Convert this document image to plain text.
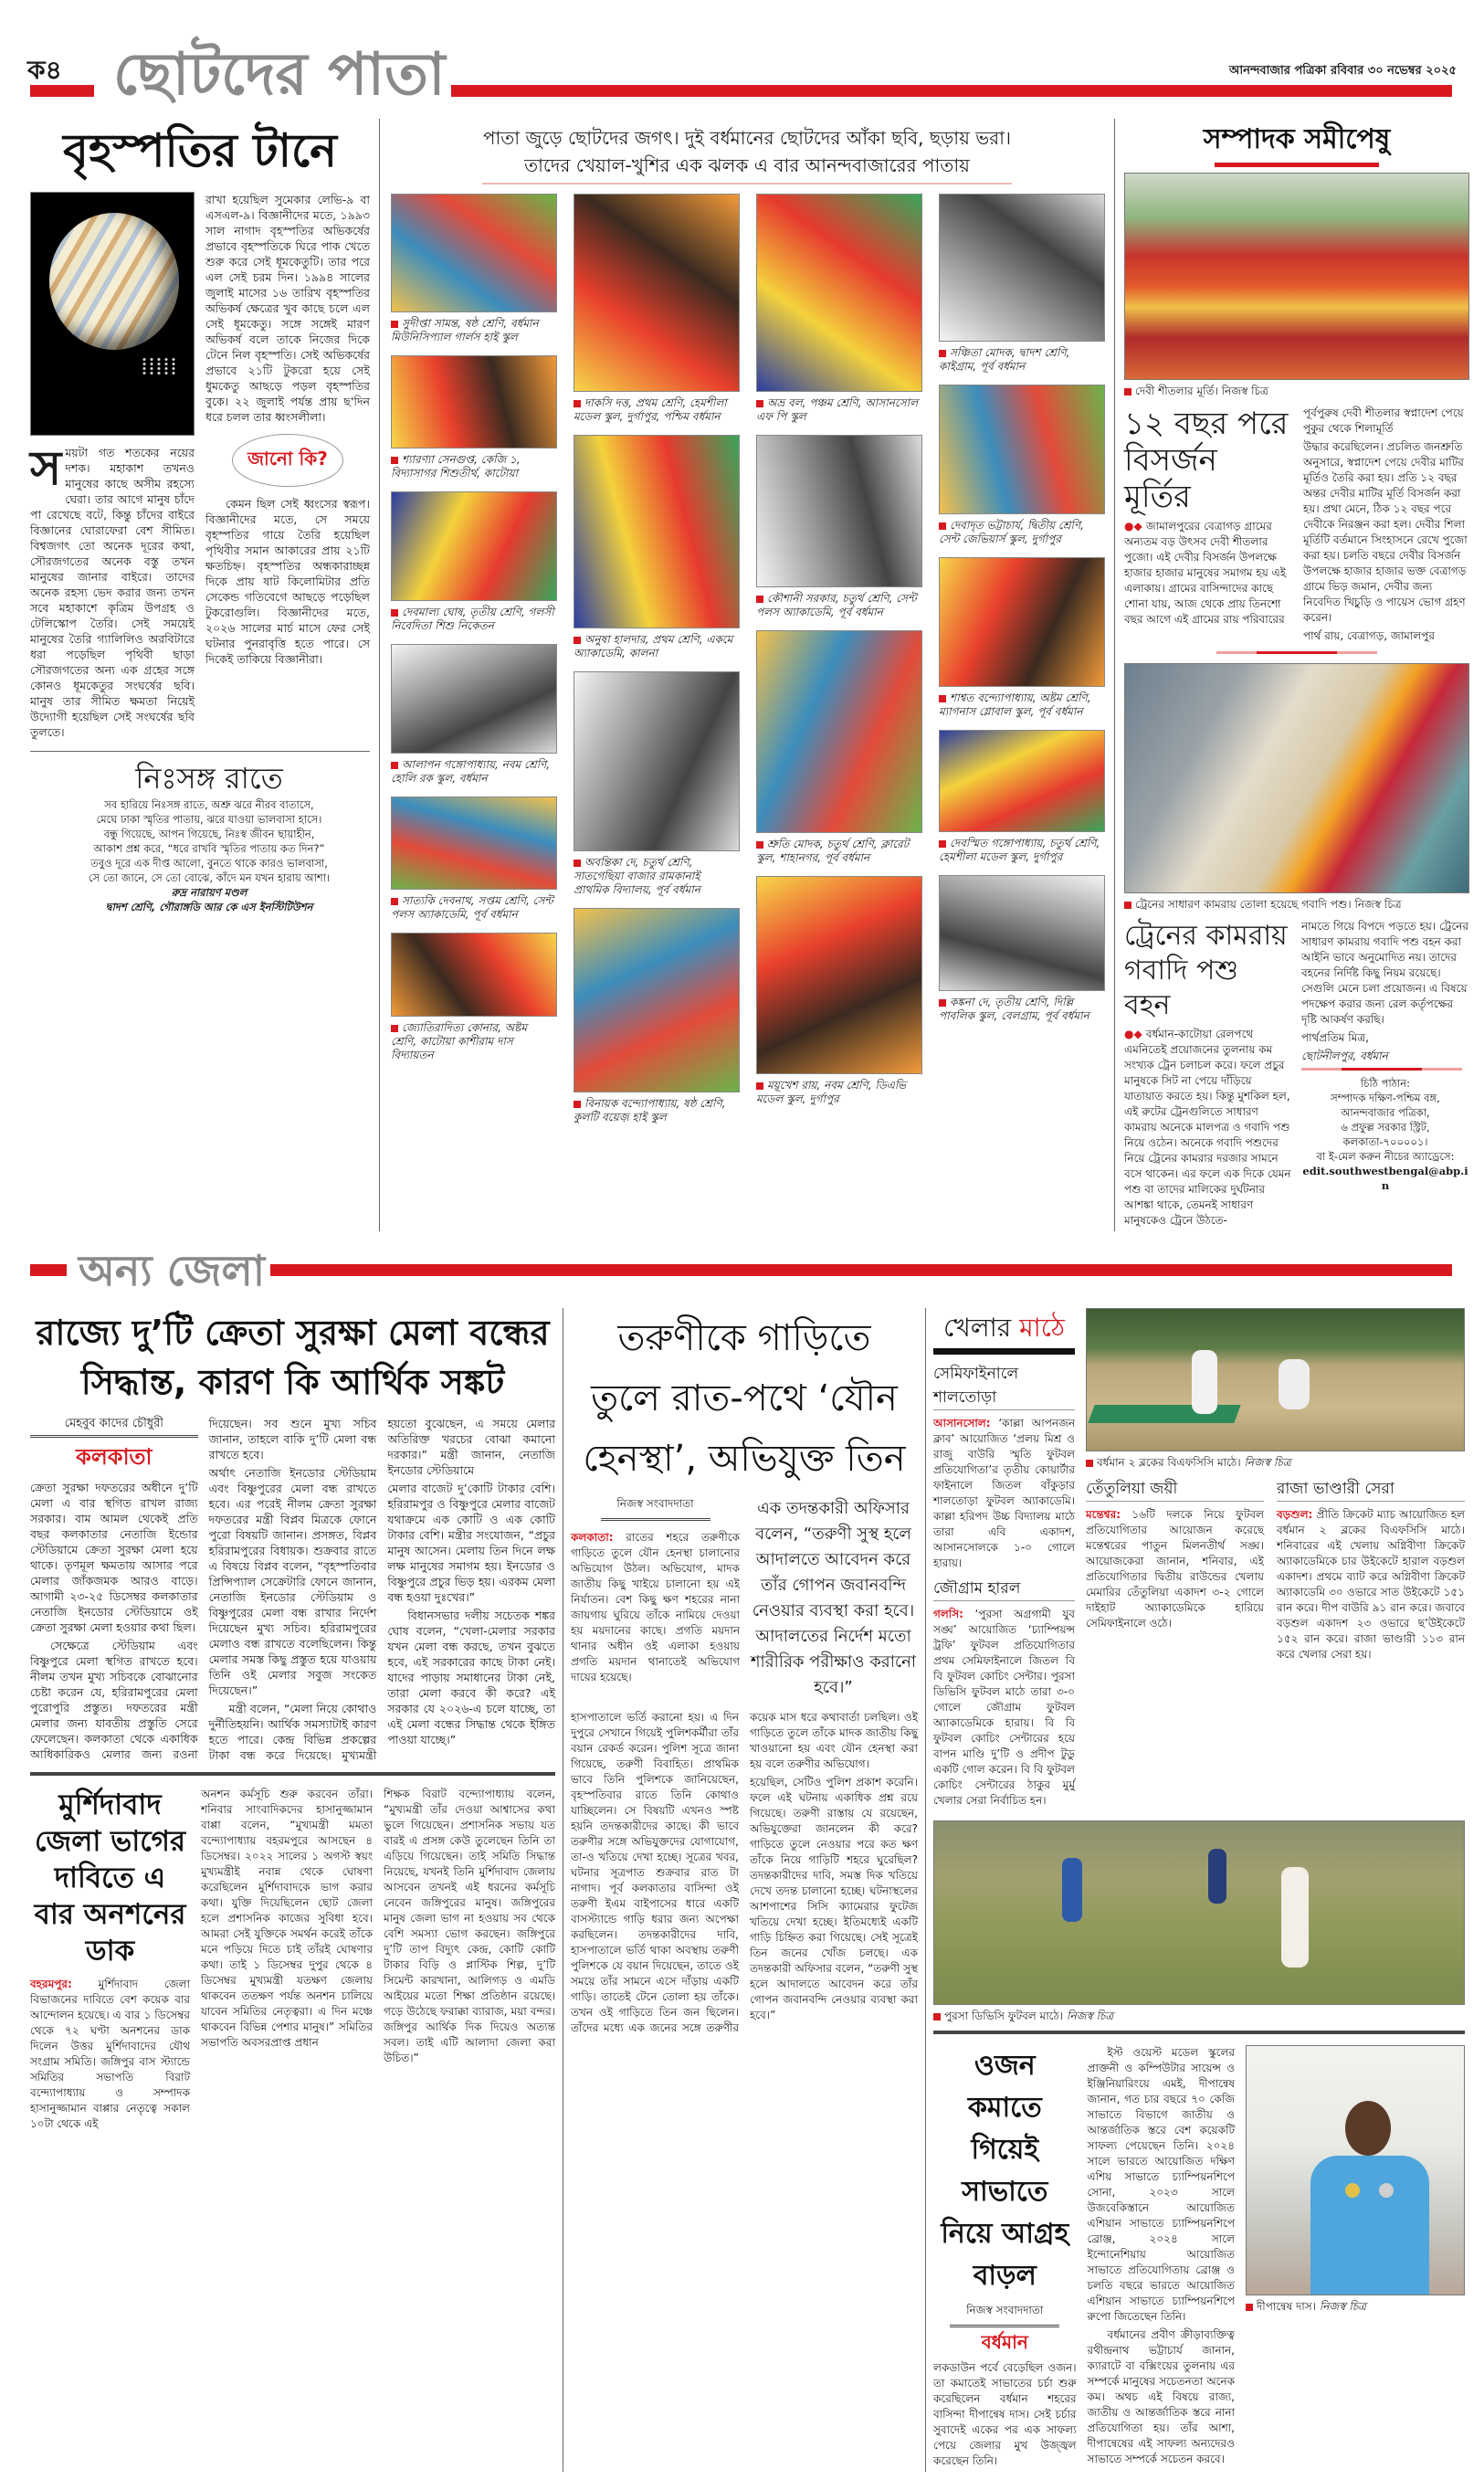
ক৪ ছোটদের পাতা	আনন্দবাজার পত্রিকা রবিবার ৩০ নভেম্বর ২০২৫
বৃহস্পতির টানে
স ময়টা গত শতকের নয়ের দশক। মহাকাশ তখনও মানুষের কাছে অসীম রহস্যে ঘেরা। তার আগে মানুষ চাঁদে পা রেখেছে বটে, কিন্তু চাঁদের বাইরে বিজ্ঞানের ঘোরাফেরা বেশ সীমিত। বিশ্বজগৎ তো অনেক দূরের কথা, সৌরজগতের অনেক বস্তু তখন মানুষের জানার বাইরে। তাদের অনেক রহস্য ভেদ করার জন্য তখন সবে মহাকাশে কৃত্রিম উপগ্রহ ও টেলিস্কোপ তৈরি। সেই সময়েই মানুষের তৈরি গ্যালিলিও অরবিটারে ধরা পড়েছিল পৃথিবী ছাড়া সৌরজগতের অন্য এক গ্রহের সঙ্গে কোনও ধূমকেতুর সংঘর্ষের ছবি। মানুষ তার সীমিত ক্ষমতা নিয়েই উদ্যোগী হয়েছিল সেই সংঘর্ষের ছবি তুলতে।
রাখা হয়েছিল সুমেকার লেভি-৯ বা এসএল-৯। বিজ্ঞানীদের মতে, ১৯৯৩ সাল নাগাদ বৃহস্পতির অভিকর্ষের প্রভাবে বৃহস্পতিকে ঘিরে পাক খেতে শুরু করে সেই ধূমকেতুটি। তার পরে এল সেই চরম দিন। ১৯৯৪ সালের জুলাই মাসের ১৬ তারিখ বৃহস্পতির অভিকর্ষ ক্ষেত্রের খুব কাছে চলে এল সেই ধূমকেতু। সঙ্গে সঙ্গেই মারণ অভিকর্ষ বলে তাকে নিজের দিকে টেনে নিল বৃহস্পতি। সেই অভিকর্ষের প্রভাবে ২১টি টুকরো হয়ে সেই ধুমকেতু আছড়ে পড়ল বৃহস্পতির বুকে। ২২ জুলাই পর্যন্ত প্রায় ছ'দিন ধরে চলল তার ধ্বংসলীলা।
জানো কি?

কেমন ছিল সেই ধ্বংসের স্বরূপ। বিজ্ঞানীদের মতে, সে সময়ে বৃহস্পতির গায়ে তৈরি হয়েছিল পৃথিবীর সমান আকারের প্রায় ২১টি ক্ষতচিহ্ন। বৃহস্পতির অন্ধকারাচ্ছন্ন দিকে প্রায় ষাট কিলোমিটার প্রতি সেকেন্ড গতিবেগে আছড়ে পড়েছিল টুকরোগুলি। বিজ্ঞানীদের মতে, ২০২৬ সালের মার্চ মাসে ফের সেই ঘটনার পুনরাবৃত্তি হতে পারে। সে দিকেই তাকিয়ে বিজ্ঞানীরা।

নিঃসঙ্গ রাতে
সব হারিয়ে নিঃসঙ্গ রাতে, অশ্রু ঝরে নীরব বাতাসে,
মেঘে ঢাকা স্মৃতির পাতায়, ঝরে যাওয়া ভালবাসা হাসে।
বন্ধু গিয়েছে, আপন গিয়েছে, নিঃস্ব জীবন ছায়াহীন,
আকাশ প্রশ্ন করে, “ধরে রাখবি স্মৃতির পাতায় কত দিন?”
তবুও দূরে এক দীপ্ত আলো, বুনতে থাকে কারও ভালবাসা,
সে তো জানে, সে তো বোঝে, কাঁদে মন যখন হারায় আশা।
রুদ্র নারায়ণ মণ্ডল
দ্বাদশ শ্রেণি, গৌরাঙ্গডি আর কে এস ইনস্টিটিউশন
পাতা জুড়ে ছোটদের জগৎ। দুই বর্ধমানের ছোটদের আঁকা ছবি, ছড়ায় ভরা।
তাদের খেয়াল-খুশির এক ঝলক এ বার আনন্দবাজারের পাতায়
সুদীপ্তা সামন্ত, ষষ্ঠ শ্রেণি, বর্ধমান মিউনিসিপ্যাল গার্লস হাই স্কুল
শ্যারণ্যা সেনগুপ্ত, কেজি ১, বিদ্যাসাগর শিশুতীর্থ, কাটোয়া
দেবমাল্য ঘোষ, তৃতীয় শ্রেণি, গলসী নিবেদিতা শিশু নিকেতন
আলাপন গঙ্গোপাধ্যায়, নবম শ্রেণি, হোলি রক স্কুল, বর্ধমান
সাত্যকি দেবনাথ, সপ্তম শ্রেণি, সেন্ট পলস অ্যাকাডেমি, পূর্ব বর্ধমান
জ্যোতিরাদিত্য কোনার, অষ্টম শ্রেণি, কাটোয়া কাশীরাম দাস বিদ্যায়তন
দাকসি দত্ত, প্রথম শ্রেণি, হেমশীলা মডেল স্কুল, দুর্গাপুর, পশ্চিম বর্ধমান
অনুষা হালদার, প্রথম শ্রেণি, একমে অ্যাকাডেমি, কালনা
অবন্তিকা দে, চতুর্থ শ্রেণি, সাতগেছিয়া বাজার রামকানাই প্রাথমিক বিদ্যালয়, পূর্ব বর্ধমান
বিনায়ক বন্দ্যোপাধ্যায়, ষষ্ঠ শ্রেণি, কুলটি বয়েজ় হাই স্কুল
অভ্র বল, পঞ্চম শ্রেণি, আসানসোল এফ পি স্কুল
কৌশানী সরকার, চতুর্থ শ্রেণি, সেন্ট পলস অ্যাকাডেমি, পূর্ব বর্ধমান
শ্রুতি মোদক, চতুর্থ শ্রেণি, ক্লারেট স্কুল, শাহানগর, পূর্ব বর্ধমান
ময়ূখেশ রায়, নবম শ্রেণি, ডিএভি মডেল স্কুল, দুর্গাপুর
সঞ্চিতা মোদক, দ্বাদশ শ্রেণি, কাইগ্রাম, পূর্ব বর্ধমান
দেবাদৃত ভট্টাচার্য, দ্বিতীয় শ্রেণি, সেন্ট জেভিয়ার্স স্কুল, দুর্গাপুর
শাশ্বত বন্দ্যোপাধ্যায়, অষ্টম শ্রেণি, ম্যাগনাস গ্লোবাল স্কুল, পূর্ব বর্ধমান
দেবস্মিত গঙ্গোপাধ্যায়, চতুর্থ শ্রেণি, হেমশীলা মডেল স্কুল, দুর্গাপুর
কঙ্কনা দে, তৃতীয় শ্রেণি, দিল্লি পাবলিক স্কুল, বেলগ্রাম, পূর্ব বর্ধমান
সম্পাদক সমীপেষু
দেবী শীতলার মূর্তি। নিজস্ব চিত্র
১২ বছর পরে বিসর্জন মূর্তির

●◆ জামালপুরের বেত্রাগড় গ্রামের অন্যতম বড় উৎসব দেবী শীতলার পুজো। এই দেবীর বিসর্জন উপলক্ষে হাজার হাজার মানুষের সমাগম হয় এই এলাকায়। গ্রামের বাসিন্দাদের কাছে শোনা যায়, আজ থেকে প্রায় তিনশো বছর আগে এই গ্রামের রায় পরিবারের পূর্বপুরুষ দেবী শীতলার স্বপ্নাদেশ পেয়ে পুকুর থেকে শিলামূর্তি

উদ্ধার করেছিলেন। প্রচলিত জনশ্রুতি অনুসারে, স্বপ্নাদেশ পেয়ে দেবীর মাটির মূর্তিও তৈরি করা হয়। প্রতি ১২ বছর অন্তর দেবীর মাটির মূর্তি বিসর্জন করা হয়। প্রথা মেনে, ঠিক ১২ বছর পরে দেবীকে নিরঞ্জন করা হল। দেবীর শিলা মূর্তিটি বর্তমানে সিংহাসনে রেখে পুজো করা হয়। চলতি বছরে দেবীর বিসর্জন উপলক্ষে হাজার হাজার ভক্ত বেত্রাগড় গ্রামে ভিড় জমান, দেবীর জন্য নিবেদিত খিচুড়ি ও পায়েস ভোগ গ্রহণ করেন।

পার্থ রায়, বেত্রাগড়, জামালপুর

ট্রেনের সাধারণ কামরায় তোলা হয়েছে গবাদি পশু। নিজস্ব চিত্র
ট্রেনের কামরায় গবাদি পশু বহন

●◆ বর্ধমান-কাটোয়া রেলপথে এমনিতেই প্রয়োজনের তুলনায় কম সংখ্যক ট্রেন চলাচল করে। ফলে প্রচুর মানুষকে সিট না পেয়ে দাঁড়িয়ে যাতায়াত করতে হয়। কিন্তু মুশকিল হল, এই রুটের ট্রেনগুলিতে সাধারণ কামরায় অনেকে মালপত্র ও গবাদি পশু নিয়ে ওঠেন। অনেকে গবাদি পশুদের নিয়ে ট্রেনের কামরার দরজার সামনে বসে থাকেন। এর ফলে এক দিকে যেমন পশু বা তাদের মালিকের দুর্ঘটনার আশঙ্কা থাকে, তেমনই সাধারণ মানুষকেও ট্রেনে উঠতে-

নামতে গিয়ে বিপদে পড়তে হয়। ট্রেনের সাধারণ কামরায় গবাদি পশু বহন করা আইনি ভাবে অনুমোদিত নয়। তাদের বহনের নির্দিষ্ট কিছু নিয়ম রয়েছে। সেগুলি মেনে চলা প্রয়োজন। এ বিষয়ে পদক্ষেপ করার জন্য রেল কর্তৃপক্ষের দৃষ্টি আকর্ষণ করছি।

পার্থপ্রতিম মিত্র,

ছোটনীলপুর, বর্ধমান

চিঠি পাঠান:
সম্পাদক দক্ষিণ-পশ্চিম বঙ্গ,
আনন্দবাজার পত্রিকা,
৬ প্রফুল্ল সরকার স্ট্রিট,
কলকাতা-৭০০০০১।
বা ই-মেল করুন নীচের অ্যাড্রেসে:
edit.southwestbengal@abp.in
অন্য জেলা
রাজ্যে দু’টি ক্রেতা সুরক্ষা মেলা বন্ধের
সিদ্ধান্ত, কারণ কি আর্থিক সঙ্কট
মেহবুব কাদের চৌধুরী
কলকাতা

ক্রেতা সুরক্ষা দফতরের অধীনে দু’টি মেলা এ বার স্থগিত রাখল রাজ্য সরকার। বাম আমল থেকেই প্রতি বছর কলকাতার নেতাজি ইন্ডোর স্টেডিয়ামে ক্রেতা সুরক্ষা মেলা হয়ে থাকে। তৃণমূল ক্ষমতায় আসার পরে মেলার জাঁকজমক আরও বাড়ে। আগামী ২৩-২৫ ডিসেম্বর কলকাতার নেতাজি ইনডোর স্টেডিয়ামে ওই ক্রেতা সুরক্ষা মেলা হওয়ার কথা ছিল।

সেক্ষেত্রে স্টেডিয়াম এবং বিষ্ণুপুরে মেলা স্থগিত রাখতে হবে। নীলম তখন মুখ্য সচিবকে বোঝানোর চেষ্টা করেন যে, হরিরামপুরের মেলা পুরোপুরি প্রস্তুত। দফতরের মন্ত্রী মেলার জন্য যাবতীয় প্রস্তুতি সেরে ফেলেছেন। কলকাতা থেকে একাধিক আধিকারিকও মেলার জন্য রওনা দিয়েছেন। সব শুনে মুখ্য সচিব জানান, তাহলে বাকি দু’টি মেলা বন্ধ রাখতে হবে।

অর্থাৎ নেতাজি ইনডোর স্টেডিয়াম এবং বিষ্ণুপুরের মেলা বন্ধ রাখতে হবে। এর পরেই নীলম ক্রেতা সুরক্ষা দফতরের মন্ত্রী বিপ্লব মিত্রকে ফোনে পুরো বিষয়টি জানান। প্রসঙ্গত, বিপ্লব হরিরামপুরের বিধায়ক। শুক্রবার রাতে এ বিষয়ে বিপ্লব বলেন, “বৃহস্পতিবার প্রিন্সিপ্যাল সেক্রেটারি ফোনে জানান, নেতাজি ইনডোর স্টেডিয়াম ও বিষ্ণুপুরের মেলা বন্ধ রাখার নির্দেশ দিয়েছেন মুখ্য সচিব। হরিরামপুরের মেলাও বন্ধ রাখতে বলেছিলেন। কিন্তু মেলার সমস্ত কিছু প্রস্তুত হয়ে যাওয়ায় তিনি ওই মেলার সবুজ সংকেত দিয়েছেন।”

মন্ত্রী বলেন, “মেলা নিয়ে কোথাও দুর্নীতিহয়নি। আর্থিক সমস্যাটাই কারণ হতে পারে। কেন্দ্র বিভিন্ন প্রকল্পের টাকা বন্ধ করে দিয়েছে। মুখ্যমন্ত্রী হয়তো বুঝেছেন, এ সময়ে মেলার অতিরিক্ত খরচের বোঝা কমানো দরকার।” মন্ত্রী জানান, নেতাজি ইনডোর স্টেডিয়ামে

মেলার বাজেট দু’কোটি টাকার বেশি। হরিরামপুর ও বিষ্ণুপুরে মেলার বাজেট যথাক্রমে এক কোটি ও এক কোটি টাকার বেশি। মন্ত্রীর সংযোজন, “প্রচুর মানুষ আসেন। মেলায় তিন দিনে লক্ষ লক্ষ মানুষের সমাগম হয়। ইনডোর ও বিষ্ণুপুরে প্রচুর ভিড় হয়। এরকম মেলা বন্ধ হওয়া দুঃখের।”

বিধানসভার দলীয় সচেতক শঙ্কর ঘোষ বলেন, “খেলা-মেলার সরকার যখন মেলা বন্ধ করছে, তখন বুঝতে হবে, এই সরকারের কাছে টাকা নেই। যাদের পাড়ায় সমাধানের টাকা নেই, তারা মেলা করবে কী করে? এই সরকার যে ২০২৬-এ চলে যাচ্ছে, তা এই মেলা বন্ধের সিদ্ধান্ত থেকে ইঙ্গিত পাওয়া যাচ্ছে।”

মুর্শিদাবাদ জেলা ভাগের দাবিতে এ বার অনশনের ডাক
বহরমপুর: মুর্শিদাবাদ জেলা বিভাজনের দাবিতে বেশ কয়েক বার আন্দোলন হয়েছে। এ বার ১ ডিসেম্বর থেকে ৭২ ঘণ্টা অনশনের ডাক দিলেন উত্তর মুর্শিদাবাদের যৌথ সংগ্রাম সমিতি। জঙ্গিপুর বাস স্ট্যান্ডে সমিতির সভাপতি বিরাট বন্দ্যোপাধ্যায় ও সম্পাদক হাসানুজ্জামান বাপ্পার নেতৃত্বে সকাল ১০টা থেকে এই

অনশন কর্মসূচি শুরু করবেন তাঁরা। শনিবার সাংবাদিকদের হাসানুজ্জামান বাপ্পা বলেন, “মুখ্যমন্ত্রী মমতা বন্দ্যোপাধ্যায় বহরমপুরে আসছেন ৪ ডিসেম্বর। ২০২২ সালের ১ অগস্ট স্বয়ং মুখ্যমন্ত্রীই নবান্ন থেকে ঘোষণা করেছিলেন মুর্শিদাবাদকে ভাগ করার কথা। যুক্তি দিয়েছিলেন ছোট জেলা হলে প্রশাসনিক কাজের সুবিধা হবে। আমরা সেই যুক্তিকে সমর্থন করেই তাঁকে মনে পড়িয়ে দিতে চাই তাঁরই ঘোষণার কথা। তাই ১ ডিসেম্বর দুপুর থেকে ৪ ডিসেম্বর মুখ্যমন্ত্রী যতক্ষণ জেলায় থাকবেন ততক্ষণ পর্যন্ত অনশন চালিয়ে যাবেন সমিতির নেতৃত্বরা। এ দিন মঞ্চে থাকবেন বিভিন্ন পেশার মানুষ।” সমিতির সভাপতি অবসরপ্রাপ্ত প্রধান

শিক্ষক বিরাট বন্দ্যোপাধ্যায় বলেন, “মুখ্যমন্ত্রী তাঁর দেওয়া আশ্বাসের কথা ভুলে গিয়েছেন। প্রশাসনিক সভায় যত বারই এ প্রসঙ্গ কেউ তুলেছেন তিনি তা এড়িয়ে গিয়েছেন। তাই সমিতি সিদ্ধান্ত নিয়েছে, যখনই তিনি মুর্শিদাবাদ জেলায় আসবেন তখনই এই ধরনের কর্মসূচি নেবেন জঙ্গিপুরের মানুষ। জঙ্গিপুরের মানুষ জেলা ভাগ না হওয়ায় সব থেকে বেশি সমস্যা ভোগ করছেন। জঙ্গিপুরে দু’টি তাপ বিদ্যুৎ কেন্দ্র, কোটি কোটি টাকার বিড়ি ও প্লাস্টিক শিল্প, দু’টি সিমেন্ট কারখানা, আলিগড় ও এমডি আইয়ের মতো শিক্ষা প্রতিষ্ঠান রয়েছে। গড়ে উঠেছে ফরাক্কা ব্যারাজ, ময়া বন্দর। জঙ্গিপুর আর্থিক দিক দিয়েও অত্যন্ত সবল। তাই এটি আলাদা জেলা করা উচিত।”

তরুণীকে গাড়িতে
তুলে রাত-পথে ‘যৌন
হেনস্থা’, অভিযুক্ত তিন
নিজস্ব সংবাদদাতা
কলকাতা: রাতের শহরে তরুণীকে গাড়িতে তুলে যৌন হেনস্থা চালানোর অভিযোগ উঠল। অভিযোগ, মাদক জাতীয় কিছু খাইয়ে চালানো হয় এই নির্যাতন। বেশ কিছু ক্ষণ শহরের নানা জায়গায় ঘুরিয়ে তাঁকে নামিয়ে দেওয়া হয় ময়দানের কাছে। প্রগতি ময়দান থানার অধীন ওই এলাকা হওয়ায় প্রগতি ময়দান থানাতেই অভিযোগ দায়ের হয়েছে।
এক তদন্তকারী অফিসার বলেন, “তরুণী সুস্থ হলে আদালতে আবেদন করে তাঁর গোপন জবানবন্দি নেওয়ার ব্যবস্থা করা হবে। আদালতের নির্দেশ মতো শারীরিক পরীক্ষাও করানো হবে।”

হাসপাতালে ভর্তি করানো হয়। এ দিন দুপুরে সেখানে গিয়েই পুলিশকর্মীরা তাঁর বয়ান রেকর্ড করেন। পুলিশ সূত্রে জানা গিয়েছে, তরুণী বিবাহিত। প্রাথমিক ভাবে তিনি পুলিশকে জানিয়েছেন, বৃহস্পতিবার রাতে তিনি কোথাও যাচ্ছিলেন। সে বিষয়টি এখনও স্পষ্ট হয়নি তদন্তকারীদের কাছে। কী ভাবে তরুণীর সঙ্গে অভিযুক্তদের যোগাযোগ, তা-ও খতিয়ে দেখা হচ্ছে। সূত্রের খবর, ঘটনার সূত্রপাত শুক্রবার রাত টা নাগাদ। পূর্ব কলকাতার বাসিন্দা ওই তরুণী ইএম বাইপাসের ধারে একটি বাসস্ট্যান্ডে গাড়ি ধরার জন্য অপেক্ষা করছিলেন। তদন্তকারীদের দাবি, হাসপাতালে ভর্তি থাকা অবস্থায় তরুণী পুলিশকে যে বয়ান দিয়েছেন, তাতে ওই সময়ে তাঁর সামনে এসে দাঁড়ায় একটি গাড়ি। তাতেই টেনে তোলা হয় তাঁকে। তখন ওই গাড়িতে তিন জন ছিলেন। তাঁদের মধ্যে এক জনের সঙ্গে তরুণীর কয়েক মাস ধরে কথাবার্তা চলছিল। ওই গাড়িতে তুলে তাঁকে মাদক জাতীয় কিছু খাওয়ানো হয় এবং যৌন হেনস্থা করা হয় বলে তরুণীর অভিযোগ।

হয়েছিল, সেটিও পুলিশ প্রকাশ করেনি। ফলে এই ঘটনায় একাধিক প্রশ্ন রয়ে গিয়েছে। তরুণী রাস্তায় যে রয়েছেন, অভিযুক্তেরা জানলেন কী করে? গাড়িতে তুলে নেওয়ার পরে কত ক্ষণ তাঁকে নিয়ে গাড়িটি শহরে ঘুরেছিল? তদন্তকারীদের দাবি, সমস্ত দিক খতিয়ে দেখে তদন্ত চালানো হচ্ছে। ঘটনাস্থলের আশপাশের সিসি ক্যামেরার ফুটেজ খতিয়ে দেখা হচ্ছে। ইতিমধ্যেই একটি গাড়ি চিহ্নিত করা গিয়েছে। সেই সূত্রেই তিন জনের খোঁজ চলছে। এক তদন্তকারী অফিসার বলেন, “তরুণী সুস্থ হলে আদালতে আবেদন করে তাঁর গোপন জবানবন্দি নেওয়ার ব্যবস্থা করা হবে।”

খেলার মাঠে
সেমিফাইনালে শালতোড়া

আসানসোল: ‘কাল্লা আপনজন ক্লাব’ আয়োজিত ‘প্রলয় মিশ্র ও রাজু বাউরি স্মৃতি ফুটবল প্রতিযোগিতা’র তৃতীয় কোয়ার্টার ফাইনালে জিতল বাঁকুড়ার শালতোড়া ফুটবল অ্যাকাডেমি। কাল্লা হরিপদ উচ্চ বিদ্যালয় মাঠে তারা এবি একাদশ, আসানসোলকে ১-০ গোলে হারায়।

জৌগ্রাম হারল

গলসি: ‘পুরসা অগ্রগামী যুব সঙ্ঘ’ আয়োজিত ‘চ্যাম্পিয়ন্স ট্রফি’ ফুটবল প্রতিযোগিতার প্রথম সেমিফাইনালে জিতল বি বি ফুটবল কোচিং সেন্টার। পুরসা ডিভিসি ফুটবল মাঠে তারা ৩-০ গোলে জৌগ্রাম ফুটবল অ্যাকাডেমিকে হারায়। বি বি ফুটবল কোচিং সেন্টারের হয়ে বাপন মাণ্ডি দু’টি ও প্রদীপ টুডু একটি গোল করেন। বি বি ফুটবল কোচিং সেন্টারের ঠাকুর মুর্মু খেলার সেরা নির্বাচিত হন।

বর্ধমান ২ ব্লকের বিএফসিসি মাঠে। নিজস্ব চিত্র
তেঁতুলিয়া জয়ী

মন্তেশ্বর: ১৬টি দলকে নিয়ে ফুটবল প্রতিযোগিতার আয়োজন করেছে মন্তেশ্বরের পাতুন মিলনতীর্থ সঙ্ঘ। আয়োজকেরা জানান, শনিবার, এই প্রতিযোগিতার দ্বিতীয় রাউন্ডের খেলায় মেমারির তেঁতুলিয়া একাদশ ৩-২ গোলে দাইহাট অ্যাকাডেমিকে হারিয়ে সেমিফাইনালে ওঠে।

রাজা ভাণ্ডারী সেরা

বড়শুল: প্রীতি ক্রিকেট ম্যাচ আয়োজিত হল বর্ধমান ২ ব্লকের বিএফসিসি মাঠে। শনিবারের এই খেলায় অগ্নিবীণা ক্রিকেট অ্যাকাডেমিকে চার উইকেটে হারাল বড়শুল একাদশ। প্রথমে ব্যাট করে অগ্নিবীণা ক্রিকেট অ্যাকাডেমি ৩০ ওভারে সাত উইকেটে ১৫১ রান করে। দীপ বাউরি ৯১ রান করে। জবাবে বড়শুল একাদশ ২৩ ওভারে ছ’উইকেটে ১৫২ রান করে। রাজা ভাণ্ডারী ১১৩ রান করে খেলার সেরা হয়।

পুরসা ডিভিসি ফুটবল মাঠে। নিজস্ব চিত্র
ওজন কমাতে গিয়েই সাভাতে নিয়ে আগ্রহ বাড়ল
নিজস্ব সংবাদদাতা
বর্ধমান

লকডাউন পর্বে বেড়েছিল ওজন। তা কমাতেই সাভাতের চর্চা শুরু করেছিলেন বর্ধমান শহরের বাসিন্দা দীপান্বেষ দাস। সেই চর্চার সুবাদেই একের পর এক সাফল্য পেয়ে জেলার মুখ উজ্জ্বল করেছেন তিনি।

ইস্ট ওয়েস্ট মডেল স্কুলের প্রাক্তনী ও কম্পিউটার সায়েন্স ও ইঞ্জিনিয়ারিংয়ে এমই, দীপান্বেষ জানান, গত চার বছরে ৭০ কেজি সাভাতে বিভাগে জাতীয় ও আন্তর্জাতিক স্তরে বেশ কয়েকটি সাফল্য পেয়েছেন তিনি। ২০২৪ সালে ভারতে আয়োজিত দক্ষিণ এশিয় সাভাতে চ্যাম্পিয়নশিপে সোনা, ২০২৩ সালে উজবেকিস্তানে আয়োজিত এশিয়ান সাভাতে চ্যাম্পিয়নশিপে ব্রোঞ্জ, ২০২৪ সালে ইন্দোনেশিয়ায় আয়োজিত সাভাতে প্রতিযোগিতায় ব্রোঞ্জ ও চলতি বছরে ভারতে আয়োজিত এশিয়ান সাভাতে চ্যাম্পিয়নশিপে রুপো জিতেছেন তিনি।

বর্ধমানের প্রবীণ ক্রীড়াব্যক্তিত্ব রথীন্দ্রনাথ ভট্টাচার্য জানান, ক্যারাটে বা বক্সিংয়ের তুলনায় এর সম্পর্কে মানুষের সচেতনতা অনেক কম। অথচ এই বিষয়ে রাজ্য, জাতীয় ও আন্তর্জাতিক স্তরে নানা প্রতিযোগিতা হয়। তাঁর আশা, দীপান্বেষের এই সাফল্য অন্যদেরও সাভাতে সম্পর্কে সচেতন করবে।

দীপান্বেষ দাস। নিজস্ব চিত্র
